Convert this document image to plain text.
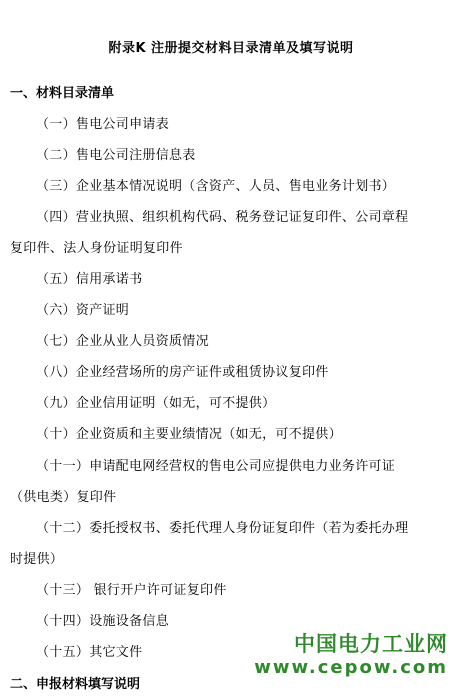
附录K 注册提交材料目录清单及填写说明
一、材料目录清单
（一）售电公司申请表
（二）售电公司注册信息表
（三）企业基本情况说明（含资产、人员、售电业务计划书）
（四）营业执照、组织机构代码、税务登记证复印件、公司章程
复印件、法人身份证明复印件
（五）信用承诺书
（六）资产证明
（七）企业从业人员资质情况
（八）企业经营场所的房产证件或租赁协议复印件
（九）企业信用证明（如无，可不提供）
（十）企业资质和主要业绩情况（如无，可不提供）
（十一）申请配电网经营权的售电公司应提供电力业务许可证
（供电类）复印件
（十二）委托授权书、委托代理人身份证复印件（若为委托办理
时提供）
（十三） 银行开户许可证复印件
（十四）设施设备信息
（十五）其它文件
二、申报材料填写说明
中国电力工业网
www.cepow.com
